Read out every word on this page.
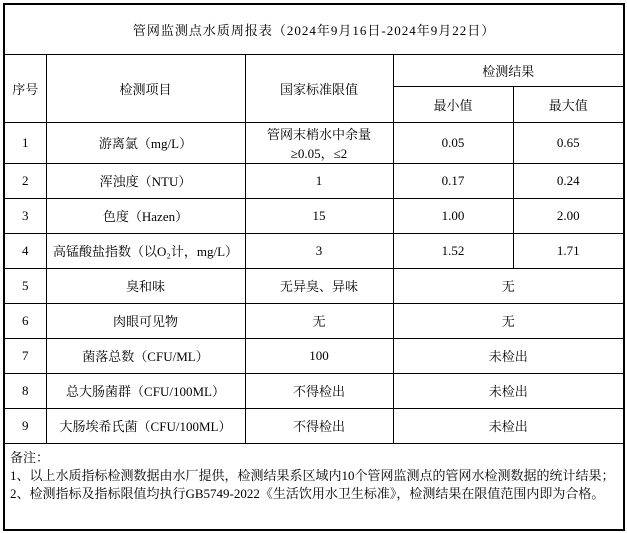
管网监测点水质周报表（2024年9月16日-2024年9月22日）				
序号	检测项目	国家标准限值	检测结果	
			最小值	最大值
1	游离氯（mg/L）	管网末梢水中余量≥0.05，≤2	0.05	0.65
2	浑浊度（NTU）	1	0.17	0.24
3	色度（Hazen）	15	1.00	2.00
4	高锰酸盐指数（以O₂计，mg/L）	3	1.52	1.71
5	臭和味	无异臭、异味	无	
6	肉眼可见物	无	无	
7	菌落总数（CFU/ML）	100	未检出	
8	总大肠菌群（CFU/100ML）	不得检出	未检出	
9	大肠埃希氏菌（CFU/100ML）	不得检出	未检出	

备注：
1、以上水质指标检测数据由水厂提供，检测结果系区域内10个管网监测点的管网水检测数据的统计结果；
2、检测指标及指标限值均执行GB5749-2022《生活饮用水卫生标准》，检测结果在限值范围内即为合格。				
